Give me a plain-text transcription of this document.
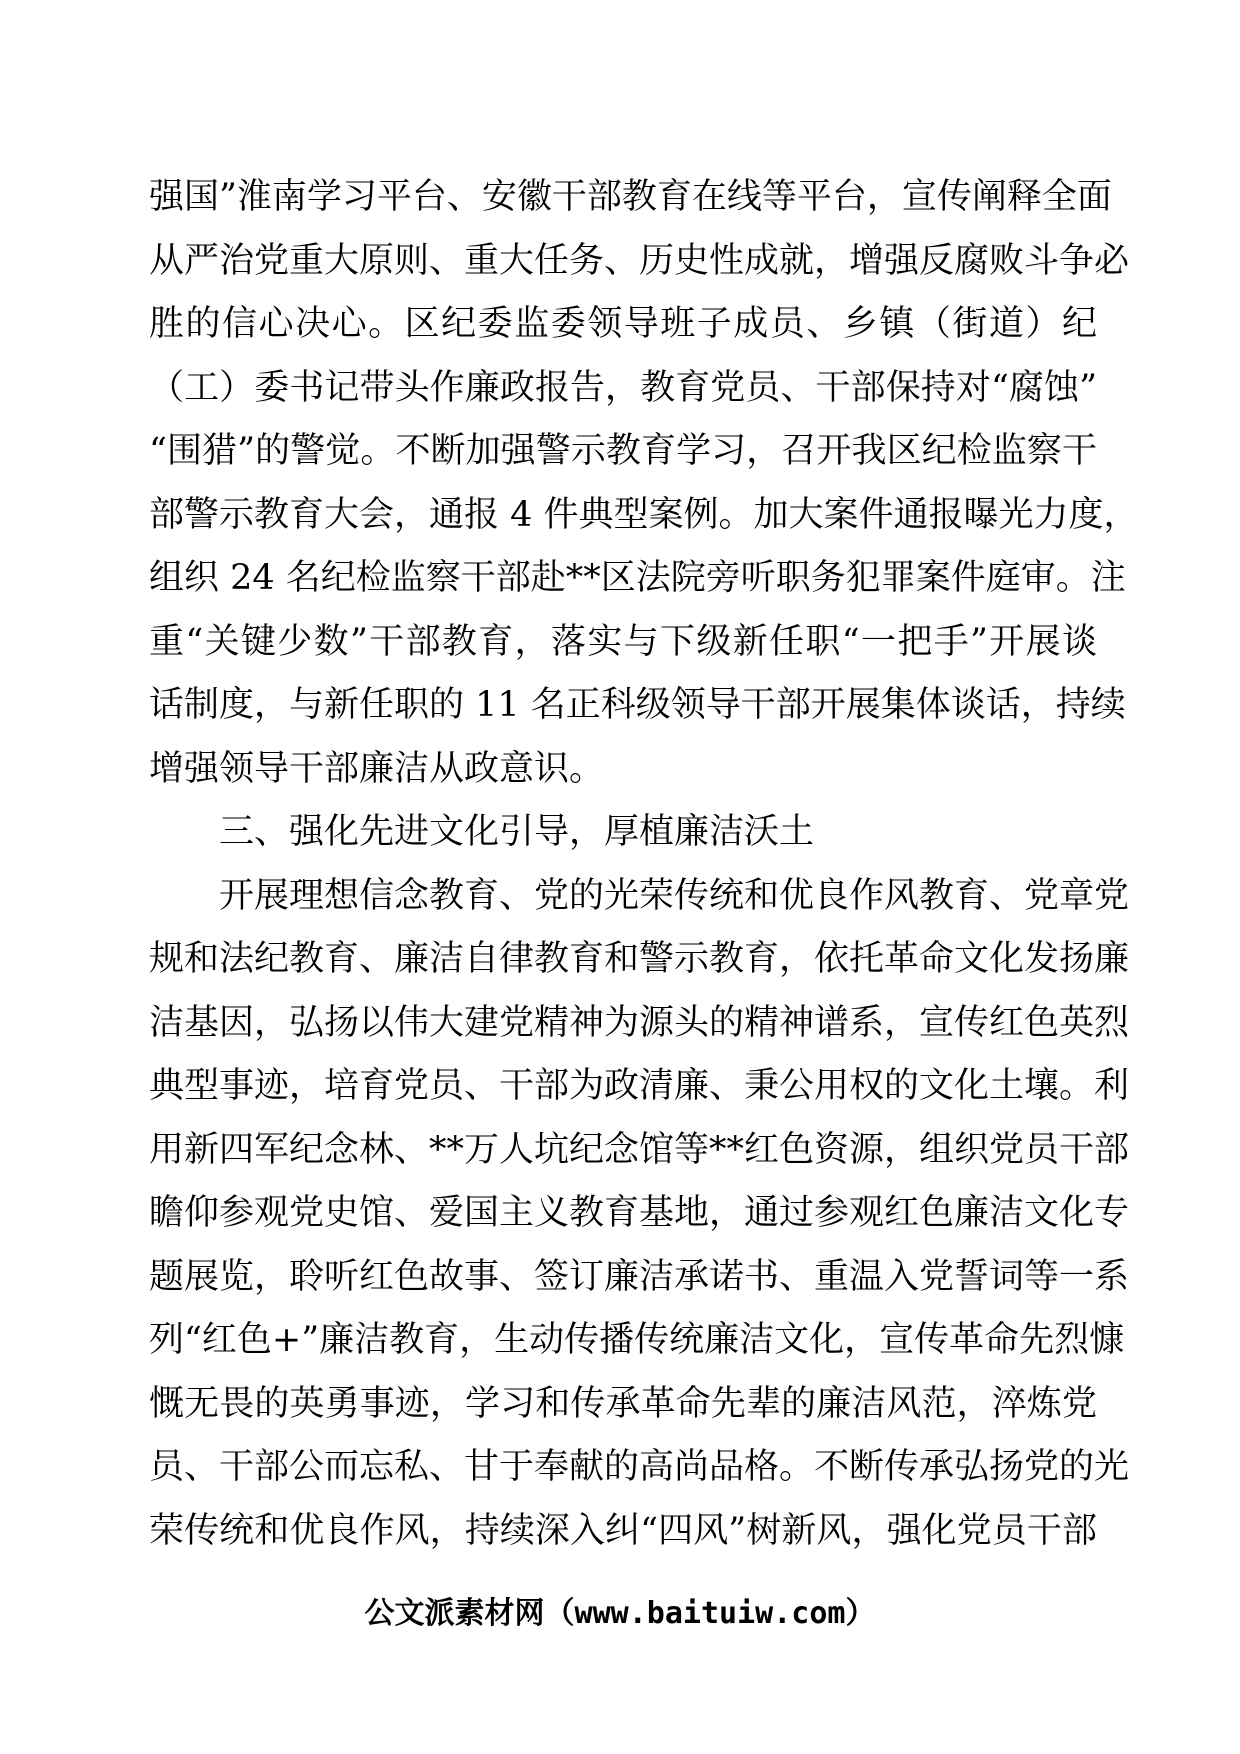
强国”淮南学习平台、安徽干部教育在线等平台，宣传阐释全面
从严治党重大原则、重大任务、历史性成就，增强反腐败斗争必
胜的信心决心。区纪委监委领导班子成员、乡镇（街道）纪
（工）委书记带头作廉政报告，教育党员、干部保持对“腐蚀”
“围猎”的警觉。不断加强警示教育学习，召开我区纪检监察干
部警示教育大会，通报 4 件典型案例。加大案件通报曝光力度，
组织 24 名纪检监察干部赴**区法院旁听职务犯罪案件庭审。注
重“关键少数”干部教育，落实与下级新任职“一把手”开展谈
话制度，与新任职的 11 名正科级领导干部开展集体谈话，持续
增强领导干部廉洁从政意识。
三、强化先进文化引导，厚植廉洁沃土
开展理想信念教育、党的光荣传统和优良作风教育、党章党
规和法纪教育、廉洁自律教育和警示教育，依托革命文化发扬廉
洁基因，弘扬以伟大建党精神为源头的精神谱系，宣传红色英烈
典型事迹，培育党员、干部为政清廉、秉公用权的文化土壤。利
用新四军纪念林、**万人坑纪念馆等**红色资源，组织党员干部
瞻仰参观党史馆、爱国主义教育基地，通过参观红色廉洁文化专
题展览，聆听红色故事、签订廉洁承诺书、重温入党誓词等一系
列“红色+”廉洁教育，生动传播传统廉洁文化，宣传革命先烈慷
慨无畏的英勇事迹，学习和传承革命先辈的廉洁风范，淬炼党
员、干部公而忘私、甘于奉献的高尚品格。不断传承弘扬党的光
荣传统和优良作风，持续深入纠“四风”树新风，强化党员干部
公文派素材网（www.baituiw.com）
